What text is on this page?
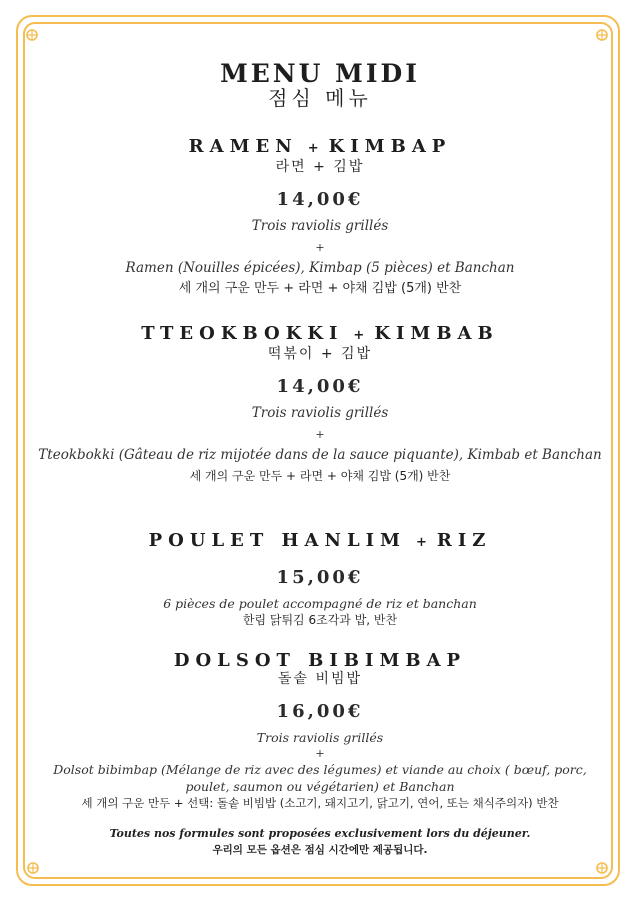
MENU MIDI
점심 메뉴
RAMEN + KIMBAP
라면 + 김밥
14,00€
Trois raviolis grillés
+
Ramen (Nouilles épicées), Kimbap (5 pièces) et Banchan
세 개의 구운 만두 + 라면 + 야채 김밥 (5개) 반찬
TTEOKBOKKI + KIMBAB
떡볶이 + 김밥
14,00€
Trois raviolis grillés
+
Tteokbokki (Gâteau de riz mijotée dans de la sauce piquante), Kimbab et Banchan
세 개의 구운 만두 + 라면 + 야채 김밥 (5개) 반찬
POULET HANLIM + RIZ
15,00€
6 pièces de poulet accompagné de riz et banchan
한림 닭튀김 6조각과 밥, 반찬
DOLSOT BIBIMBAP
돌솥 비빔밥
16,00€
Trois raviolis grillés
+
Dolsot bibimbap (Mélange de riz avec des légumes) et viande au choix ( bœuf, porc, poulet, saumon ou végétarien) et Banchan
세 개의 구운 만두 + 선택: 돌솥 비빔밥 (소고기, 돼지고기, 닭고기, 연어, 또는 채식주의자) 반찬
Toutes nos formules sont proposées exclusivement lors du déjeuner.
우리의 모든 옵션은 점심 시간에만 제공됩니다.
